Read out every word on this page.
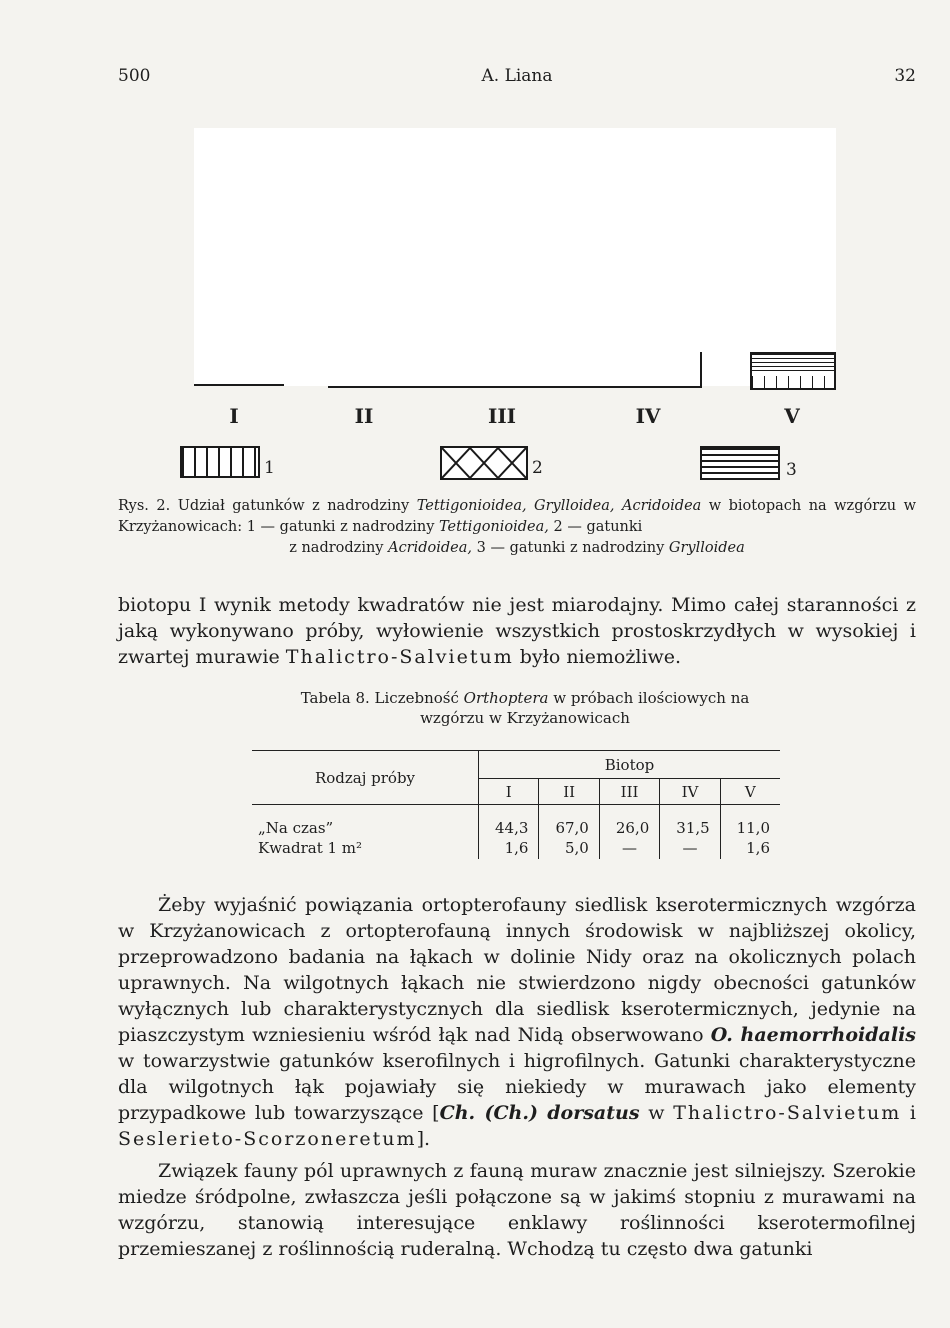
500	A. Liana	32
I	II	III	IV	V
1	2	3

Rys. 2. Udział gatunków z nadrodziny Tettigonioidea, Grylloidea, Acridoidea w biotopach na wzgórzu w Krzyżanowicach: 1 — gatunki z nadrodziny Tettigonioidea, 2 — gatunki

z nadrodziny Acridoidea, 3 — gatunki z nadrodziny Grylloidea

biotopu I wynik metody kwadratów nie jest miarodajny. Mimo całej staranności z jaką wykonywano próby, wyłowienie wszystkich prostoskrzydłych w wysokiej i zwartej murawie Thalictro-Salvietum było niemożliwe.

Tabela 8. Liczebność Orthoptera w próbach ilościowych na
wzgórzu w Krzyżanowicach
Rodzaj próby	Biotop				
	I	II	III	IV	V
„Na czas”	44,3	67,0	26,0	31,5	11,0
Kwadrat 1 m²	1,6	5,0	—	—	1,6

Żeby wyjaśnić powiązania ortopterofauny siedlisk kserotermicznych wzgórza w Krzyżanowicach z ortopterofauną innych środowisk w najbliższej okolicy, przeprowadzono badania na łąkach w dolinie Nidy oraz na okolicznych polach uprawnych. Na wilgotnych łąkach nie stwierdzono nigdy obecności gatunków wyłącznych lub charakterystycznych dla siedlisk kserotermicznych, jedynie na piaszczystym wzniesieniu wśród łąk nad Nidą obserwowano O. haemorrhoidalis w towarzystwie gatunków kserofilnych i higrofilnych. Gatunki charakterystyczne dla wilgotnych łąk pojawiały się niekiedy w murawach jako elementy przypadkowe lub towarzyszące [Ch. (Ch.) dorsatus w Thalictro-Salvietum i Seslerieto-Scorzoneretum].

Związek fauny pól uprawnych z fauną muraw znacznie jest silniejszy. Szerokie miedze śródpolne, zwłaszcza jeśli połączone są w jakimś stopniu z murawami na wzgórzu, stanowią interesujące enklawy roślinności kserotermofilnej przemieszanej z roślinnością ruderalną. Wchodzą tu często dwa gatunki
